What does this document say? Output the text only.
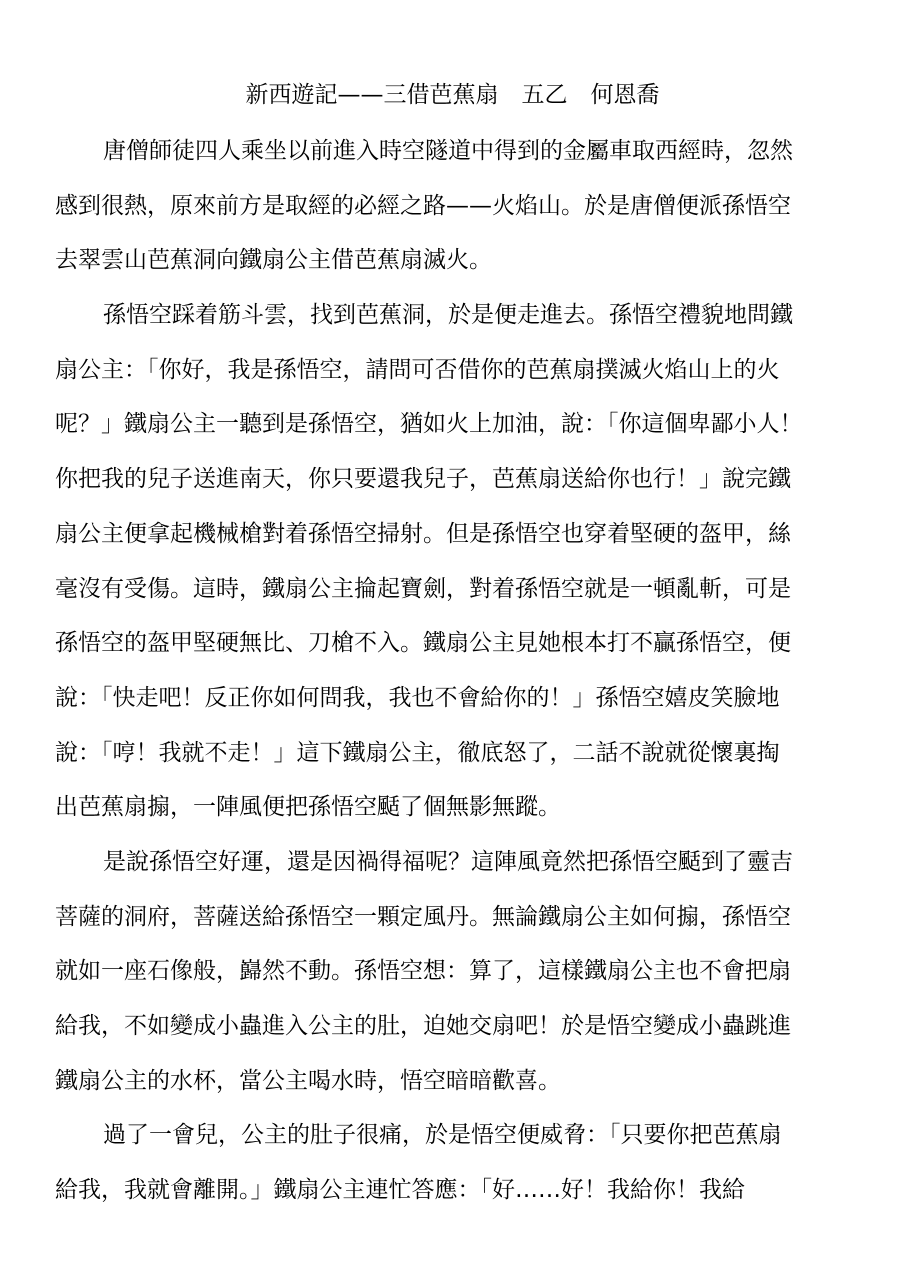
新西遊記——三借芭蕉扇　五乙　何恩喬
唐僧師徒四人乘坐以前進入時空隧道中得到的金屬車取西經時，忽然
感到很熱，原來前方是取經的必經之路——火焰山。於是唐僧便派孫悟空
去翠雲山芭蕉洞向鐵扇公主借芭蕉扇滅火。
孫悟空踩着筋斗雲，找到芭蕉洞，於是便走進去。孫悟空禮貌地問鐵
扇公主：「你好，我是孫悟空，請問可否借你的芭蕉扇撲滅火焰山上的火
呢？」鐵扇公主一聽到是孫悟空，猶如火上加油，說：「你這個卑鄙小人！
你把我的兒子送進南天，你只要還我兒子，芭蕉扇送給你也行！」說完鐵
扇公主便拿起機械槍對着孫悟空掃射。但是孫悟空也穿着堅硬的盔甲，絲
毫沒有受傷。這時，鐵扇公主掄起寶劍，對着孫悟空就是一頓亂斬，可是
孫悟空的盔甲堅硬無比、刀槍不入。鐵扇公主見她根本打不贏孫悟空，便
說：「快走吧！反正你如何問我，我也不會給你的！」孫悟空嬉皮笑臉地
說：「哼！我就不走！」這下鐵扇公主，徹底怒了，二話不說就從懷裏掏
出芭蕉扇搧，一陣風便把孫悟空颳了個無影無蹤。
是說孫悟空好運，還是因禍得福呢？這陣風竟然把孫悟空颳到了靈吉
菩薩的洞府，菩薩送給孫悟空一顆定風丹。無論鐵扇公主如何搧，孫悟空
就如一座石像般，巋然不動。孫悟空想：算了，這樣鐵扇公主也不會把扇
給我，不如變成小蟲進入公主的肚，迫她交扇吧！於是悟空變成小蟲跳進
鐵扇公主的水杯，當公主喝水時，悟空暗暗歡喜。
過了一會兒，公主的肚子很痛，於是悟空便威脅：「只要你把芭蕉扇
給我，我就會離開。」鐵扇公主連忙答應：「好……好！我給你！我給
